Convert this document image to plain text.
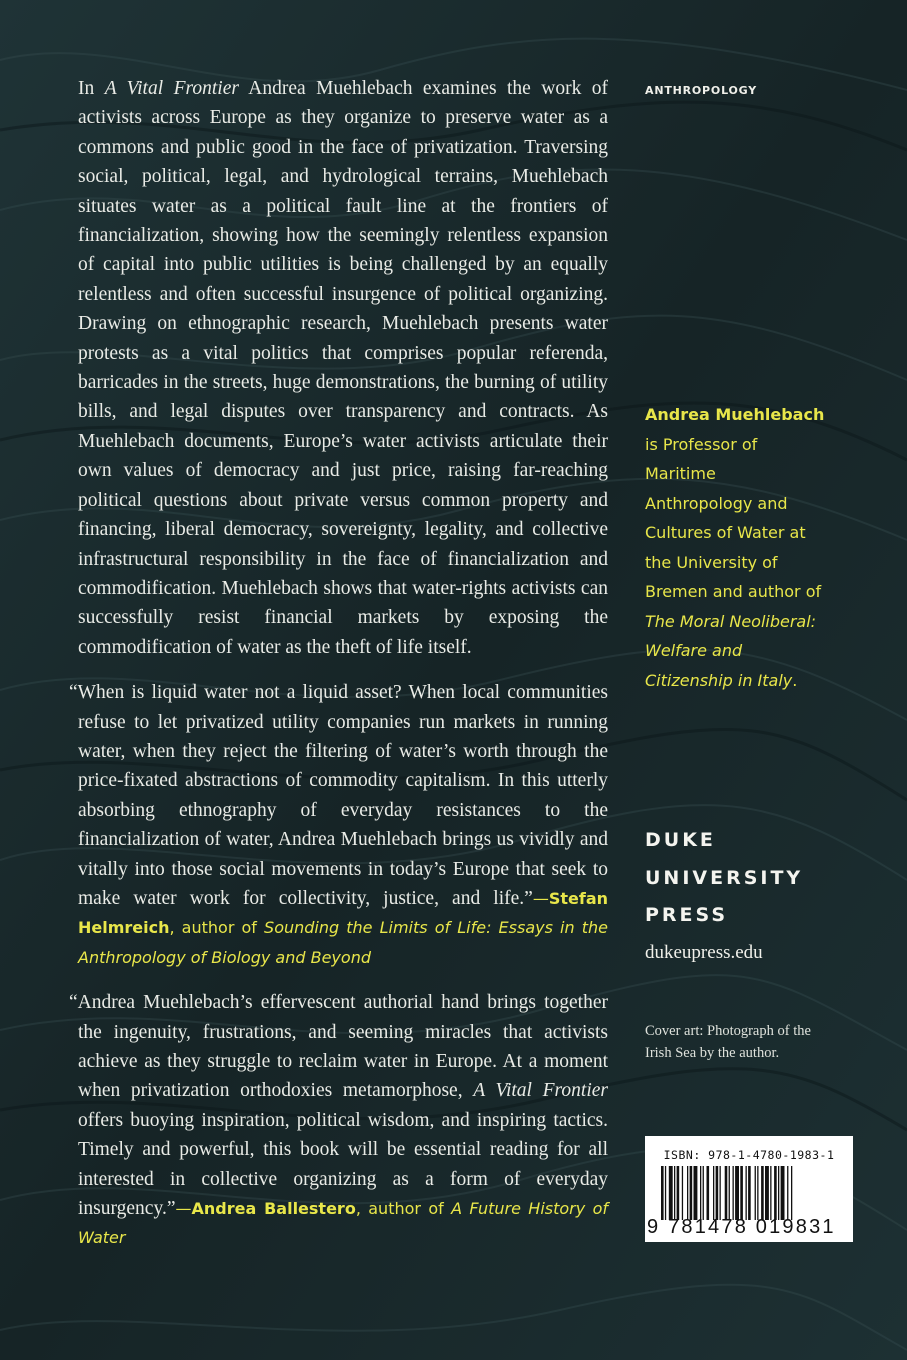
ANTHROPOLOGY

In A Vital Frontier Andrea Muehlebach examines the work of activists across Europe as they organize to preserve water as a commons and public good in the face of privatization. Traversing social, political, legal, and hydrological terrains, Muehlebach situates water as a political fault line at the frontiers of financialization, showing how the seemingly relentless expansion of capital into public utilities is being challenged by an equally relentless and often successful insurgence of political organizing. Drawing on ethnographic research, Muehlebach presents water protests as a vital politics that comprises popular referenda, barricades in the streets, huge demonstrations, the burning of utility bills, and legal disputes over transparency and contracts. As Muehlebach documents, Europe’s water activists articulate their own values of democracy and just price, raising far-reaching political questions about private versus common property and financing, liberal democracy, sovereignty, legality, and collective infrastructural responsibility in the face of financialization and commodification. Muehlebach shows that water-rights activists can successfully resist financial markets by exposing the commodification of water as the theft of life itself.

“When is liquid water not a liquid asset? When local communities refuse to let privatized utility companies run markets in running water, when they reject the filtering of water’s worth through the price-fixated abstractions of commodity capitalism. In this utterly absorbing ethnography of everyday resistances to the financialization of water, Andrea Muehlebach brings us vividly and vitally into those social movements in today’s Europe that seek to make water work for collectivity, justice, and life.”—Stefan Helmreich, author of Sounding the Limits of Life: Essays in the Anthropology of Biology and Beyond

“Andrea Muehlebach’s effervescent authorial hand brings together the ingenuity, frustrations, and seeming miracles that activists achieve as they struggle to reclaim water in Europe. At a moment when privatization orthodoxies metamorphose, A Vital Frontier offers buoying inspiration, political wisdom, and inspiring tactics. Timely and powerful, this book will be essential reading for all interested in collective organizing as a form of everyday insurgency.”—Andrea Ballestero, author of A Future History of Water

Andrea Muehlebach is Professor of Maritime Anthropology and Cultures of Water at the University of Bremen and author of The Moral Neoliberal: Welfare and Citizenship in Italy.
DUKE
UNIVERSITY
PRESS
dukeupress.edu
Cover art: Photograph of the Irish Sea by the author.
ISBN: 978-1-4780-1983-1
9 781478 019831
